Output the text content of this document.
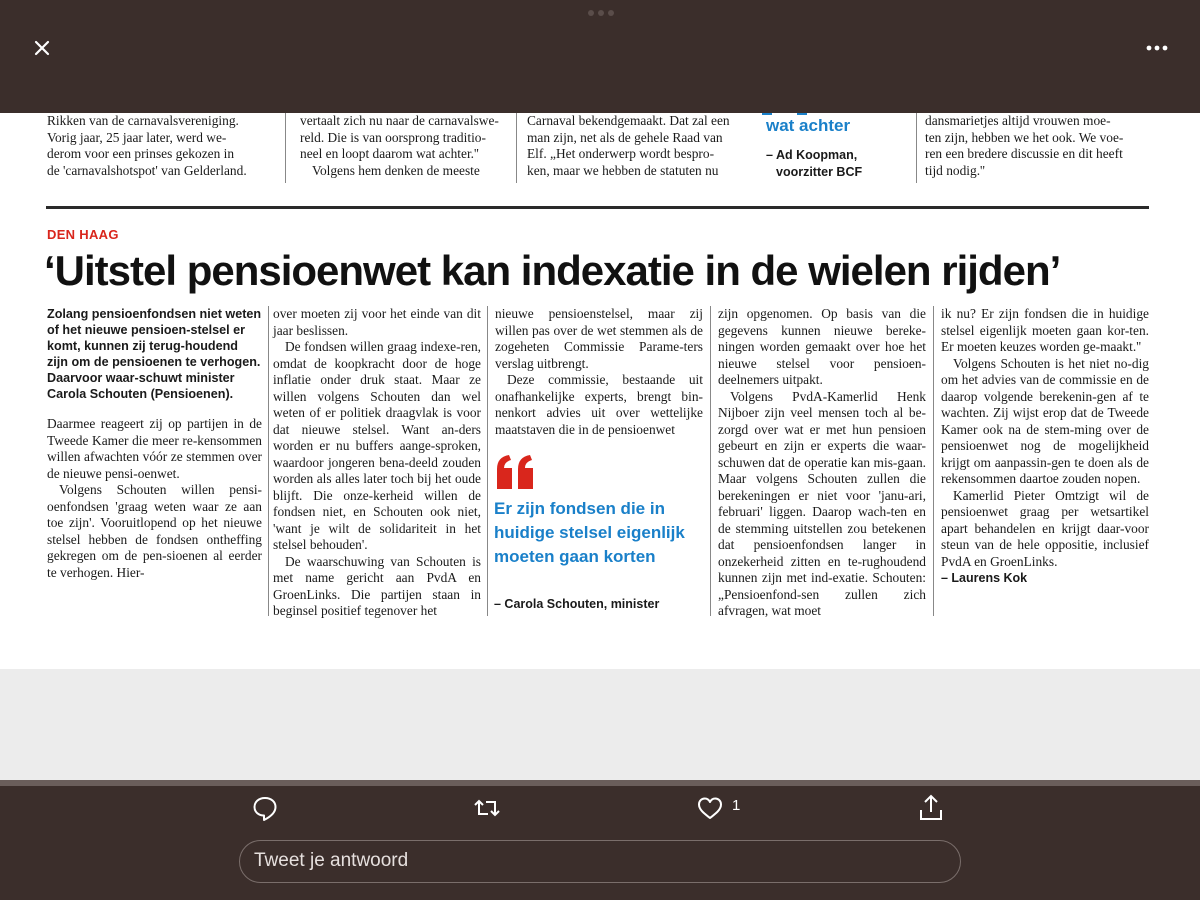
Rikken van de carnavalsvereniging.

Vorig jaar, 25 jaar later, werd we-

derom voor een prinses gekozen in

de 'carnavalshotspot' van Gelderland.

vertaalt zich nu naar de carnavalswe-

reld. Die is van oorsprong traditio-

neel en loopt daarom wat achter.''

Volgens hem denken de meeste

Carnaval bekendgemaakt. Dat zal een

man zijn, net als de gehele Raad van

Elf. „Het onderwerp wordt bespro-

ken, maar we hebben de statuten nu

wat achter
– Ad Koopman,
voorzitter BCF

dansmarietjes altijd vrouwen moe-

ten zijn, hebben we het ook. We voe-

ren een bredere discussie en dit heeft

tijd nodig.''

DEN HAAG
‘Uitstel pensioenwet kan indexatie in de wielen rijden’

Zolang pensioenfondsen niet weten of het nieuwe pensioen-stelsel er komt, kunnen zij terug-houdend zijn om de pensioenen te verhogen. Daarvoor waar-schuwt minister Carola Schouten (Pensioenen).

Daarmee reageert zij op partijen in de Tweede Kamer die meer re-kensommen willen afwachten vóór ze stemmen over de nieuwe pensi-oenwet.

Volgens Schouten willen pensi-oenfondsen 'graag weten waar ze aan toe zijn'. Vooruitlopend op het nieuwe stelsel hebben de fondsen ontheffing gekregen om de pen-sioenen al eerder te verhogen. Hier-

over moeten zij voor het einde van dit jaar beslissen.

De fondsen willen graag indexe-ren, omdat de koopkracht door de hoge inflatie onder druk staat. Maar ze willen volgens Schouten dan wel weten of er politiek draagvlak is voor dat nieuwe stelsel. Want an-ders worden er nu buffers aange-sproken, waardoor jongeren bena-deeld zouden worden als alles later toch bij het oude blijft. Die onze-kerheid willen de fondsen niet, en Schouten ook niet, 'want je wilt de solidariteit in het stelsel behouden'.

De waarschuwing van Schouten is met name gericht aan PvdA en GroenLinks. Die partijen staan in beginsel positief tegenover het

nieuwe pensioenstelsel, maar zij willen pas over de wet stemmen als de zogeheten Commissie Parame-ters verslag uitbrengt.

Deze commissie, bestaande uit onafhankelijke experts, brengt bin-nenkort advies uit over wettelijke maatstaven die in de pensioenwet

Er zijn fondsen die in huidige stelsel eigenlijk moeten gaan korten
– Carola Schouten, minister

zijn opgenomen. Op basis van die gegevens kunnen nieuwe bereke-ningen worden gemaakt over hoe het nieuwe stelsel voor pensioen-deelnemers uitpakt.

Volgens PvdA-Kamerlid Henk Nijboer zijn veel mensen toch al be-zorgd over wat er met hun pensioen gebeurt en zijn er experts die waar-schuwen dat de operatie kan mis-gaan. Maar volgens Schouten zullen die berekeningen er niet voor 'janu-ari, februari' liggen. Daarop wach-ten en de stemming uitstellen zou betekenen dat pensioenfondsen langer in onzekerheid zitten en te-rughoudend kunnen zijn met ind-exatie. Schouten: „Pensioenfond-sen zullen zich afvragen, wat moet

ik nu? Er zijn fondsen die in huidige stelsel eigenlijk moeten gaan kor-ten. Er moeten keuzes worden ge-maakt.''

Volgens Schouten is het niet no-dig om het advies van de commissie en de daarop volgende berekenin-gen af te wachten. Zij wijst erop dat de Tweede Kamer ook na de stem-ming over de pensioenwet nog de mogelijkheid krijgt om aanpassin-gen te doen als de rekensommen daartoe zouden nopen.

Kamerlid Pieter Omtzigt wil de pensioenwet graag per wetsartikel apart behandelen en krijgt daar-voor steun van de hele oppositie, inclusief PvdA en GroenLinks.

– Laurens Kok

1
Tweet je antwoord
